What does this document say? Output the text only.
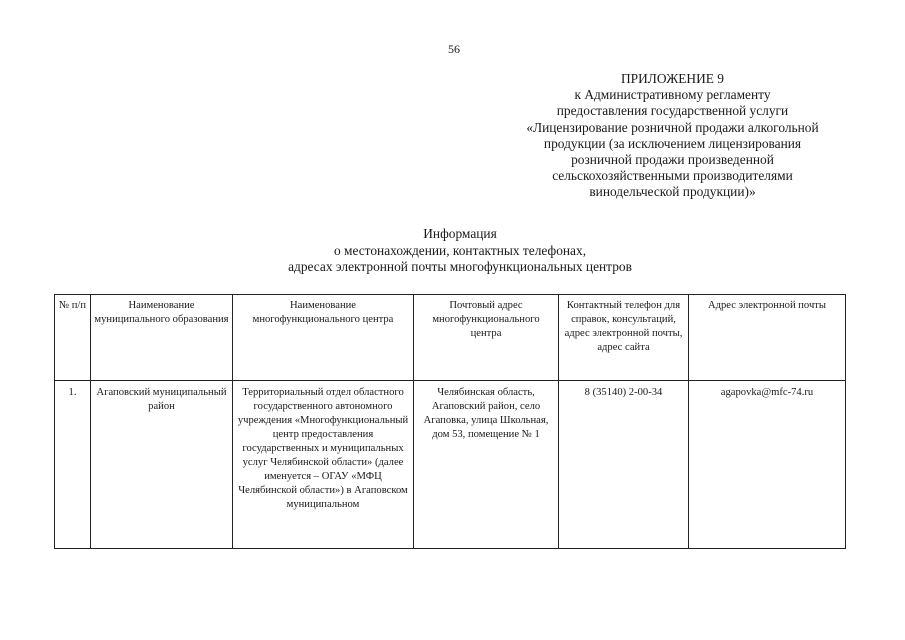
56
ПРИЛОЖЕНИЕ 9
к Административному регламенту
предоставления государственной услуги
«Лицензирование розничной продажи алкогольной
продукции (за исключением лицензирования
розничной продажи произведенной
сельскохозяйственными производителями
винодельческой продукции)»
Информация
о местонахождении, контактных телефонах,
адресах электронной почты многофункциональных центров
№ п/п	Наименование муниципального образования	Наименование многофункционального центра	Почтовый адрес многофункционального центра	Контактный телефон для справок, консультаций, адрес электронной почты, адрес сайта	Адрес электронной почты
1.	Агаповский муниципальный район	Территориальный отдел областного государственного автономного учреждения «Многофункциональный центр предоставления государственных и муниципальных услуг Челябинской области» (далее именуется – ОГАУ «МФЦ Челябинской области») в Агаповском муниципальном	Челябинская область, Агаповский район, село Агаповка, улица Школьная, дом 53, помещение № 1	8 (35140) 2-00-34	agapovka@mfc-74.ru
